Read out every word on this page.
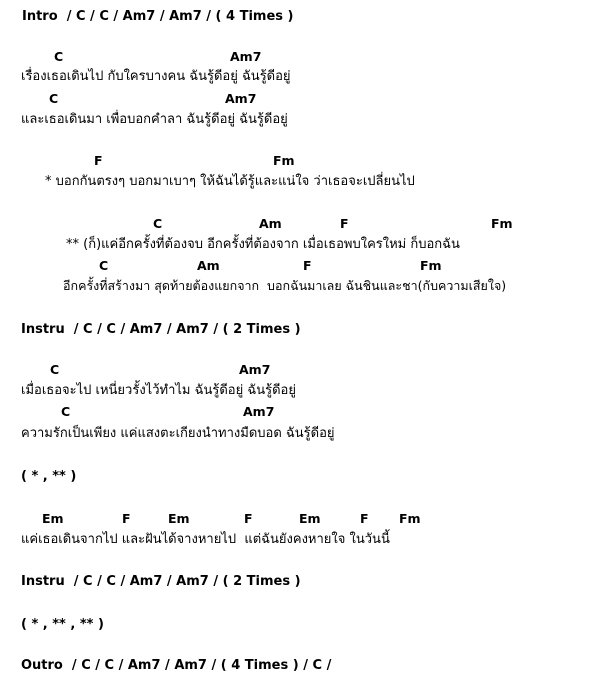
Intro  / C / C / Am7 / Am7 / ( 4 Times )
C	Am7
เรื่องเธอเดินไป กับใครบางคน ฉันรู้ดีอยู่ ฉันรู้ดีอยู่
C	Am7
และเธอเดินมา เพื่อบอกคำลา ฉันรู้ดีอยู่ ฉันรู้ดีอยู่
F	Fm
* บอกกันตรงๆ บอกมาเบาๆ ให้ฉันได้รู้และแน่ใจ ว่าเธอจะเปลี่ยนไป
C	Am	F	Fm
** (ก็)แค่อีกครั้งที่ต้องจบ อีกครั้งที่ต้องจาก เมื่อเธอพบใครใหม่ ก็บอกฉัน
C	Am	F	Fm
อีกครั้งที่สร้างมา สุดท้ายต้องแยกจาก  บอกฉันมาเลย ฉันชินและชา(กับความเสียใจ)
Instru  / C / C / Am7 / Am7 / ( 2 Times )
C	Am7
เมื่อเธอจะไป เหนี่ยวรั้งไว้ทำไม ฉันรู้ดีอยู่ ฉันรู้ดีอยู่
C	Am7
ความรักเป็นเพียง แค่แสงตะเกียงนำทางมืดบอด ฉันรู้ดีอยู่
( * , ** )
Em	F	Em	F	Em	F Fm
แค่เธอเดินจากไป และฝันได้จางหายไป  แต่ฉันยังคงหายใจ ในวันนี้
Instru  / C / C / Am7 / Am7 / ( 2 Times )
( * , ** , ** )
Outro  / C / C / Am7 / Am7 / ( 4 Times ) / C /
